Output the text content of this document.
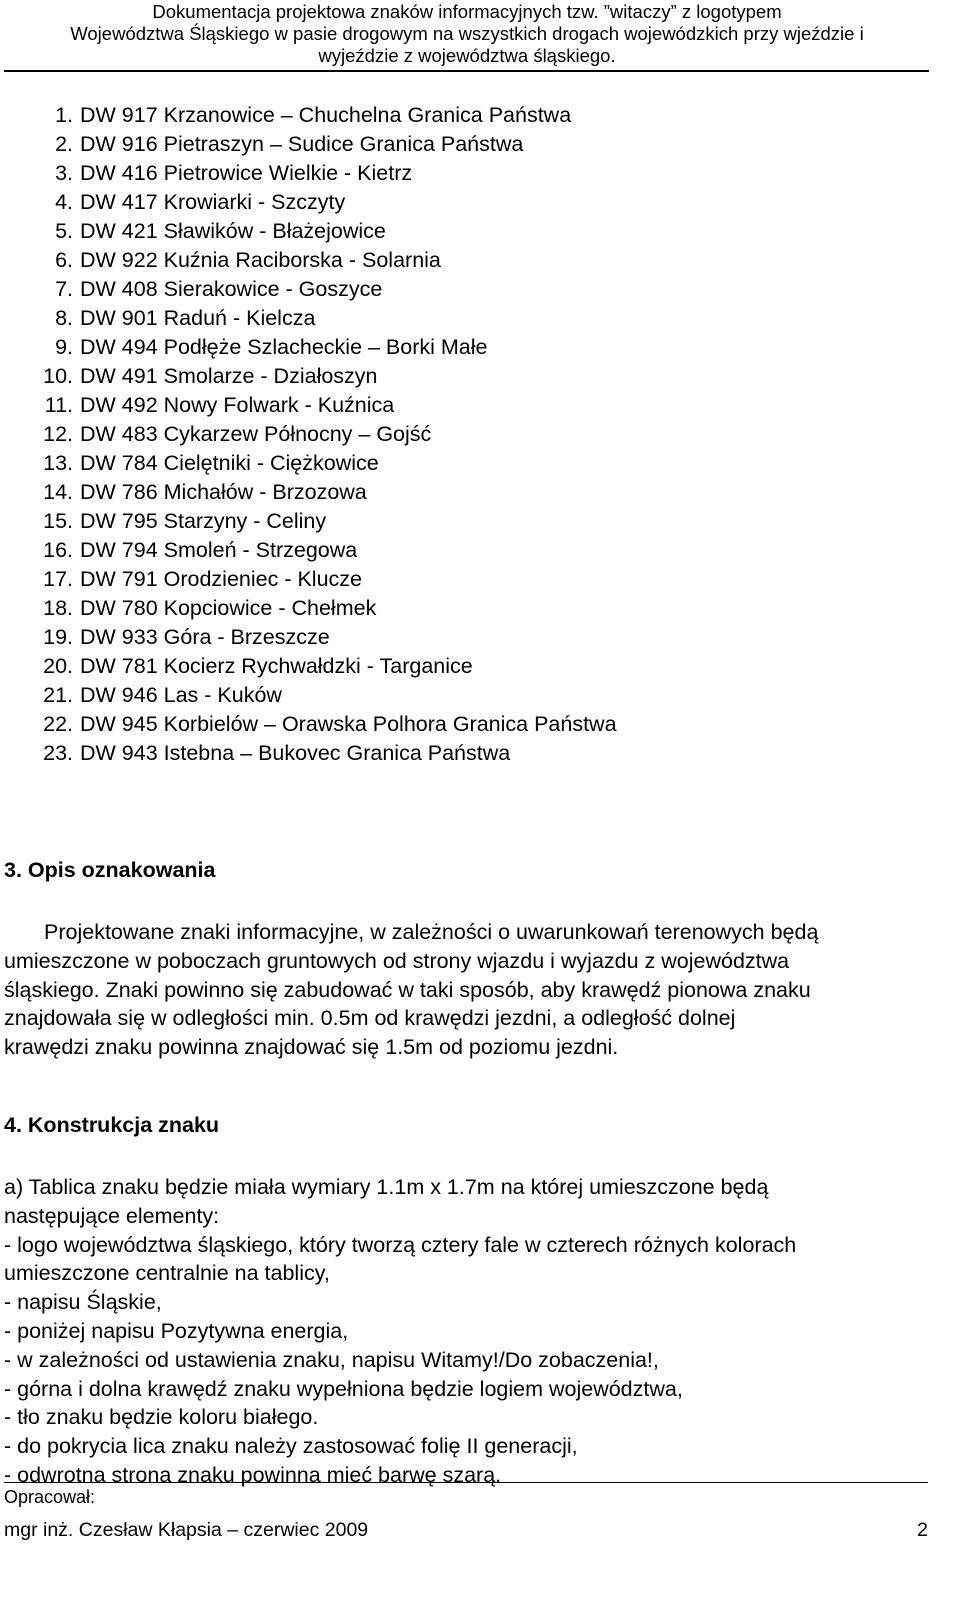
Dokumentacja projektowa znaków informacyjnych tzw. ”witaczy” z logotypem
Województwa Śląskiego w pasie drogowym na wszystkich drogach wojewódzkich przy wjeździe i
wyjeździe z województwa śląskiego.
1. DW 917 Krzanowice – Chuchelna Granica Państwa
2. DW 916 Pietraszyn – Sudice Granica Państwa
3. DW 416 Pietrowice Wielkie - Kietrz
4. DW 417 Krowiarki - Szczyty
5. DW 421 Sławików - Błażejowice
6. DW 922 Kuźnia Raciborska - Solarnia
7. DW 408 Sierakowice - Goszyce
8. DW 901 Raduń - Kielcza
9. DW 494 Podłęże Szlacheckie – Borki Małe
10. DW 491 Smolarze - Działoszyn
11. DW 492 Nowy Folwark - Kuźnica
12. DW 483 Cykarzew Północny – Gojść
13. DW 784 Cielętniki - Ciężkowice
14. DW 786 Michałów - Brzozowa
15. DW 795 Starzyny - Celiny
16. DW 794 Smoleń - Strzegowa
17. DW 791 Orodzieniec - Klucze
18. DW 780 Kopciowice - Chełmek
19. DW 933 Góra - Brzeszcze
20. DW 781 Kocierz Rychwałdzki - Targanice
21. DW 946 Las - Kuków
22. DW 945 Korbielów – Orawska Polhora Granica Państwa
23. DW 943 Istebna – Bukovec Granica Państwa
3. Opis oznakowania
Projektowane znaki informacyjne, w zależności o uwarunkowań terenowych będą
umieszczone w poboczach gruntowych od strony wjazdu i wyjazdu z województwa
śląskiego. Znaki powinno się zabudować w taki sposób, aby krawędź pionowa znaku
znajdowała się w odległości min. 0.5m od krawędzi jezdni, a odległość dolnej
krawędzi znaku powinna znajdować się 1.5m od poziomu jezdni.
4. Konstrukcja znaku
a) Tablica znaku będzie miała wymiary 1.1m x 1.7m na której umieszczone będą
następujące elementy:
- logo województwa śląskiego, który tworzą cztery fale w czterech różnych kolorach
umieszczone centralnie na tablicy,
- napisu Śląskie,
- poniżej napisu Pozytywna energia,
- w zależności od ustawienia znaku, napisu Witamy!/Do zobaczenia!,
- górna i dolna krawędź znaku wypełniona będzie logiem województwa,
- tło znaku będzie koloru białego.
- do pokrycia lica znaku należy zastosować folię II generacji,
- odwrotna strona znaku powinna mieć barwę szarą.
Opracował:
mgr inż. Czesław Kłapsia – czerwiec 2009	2
